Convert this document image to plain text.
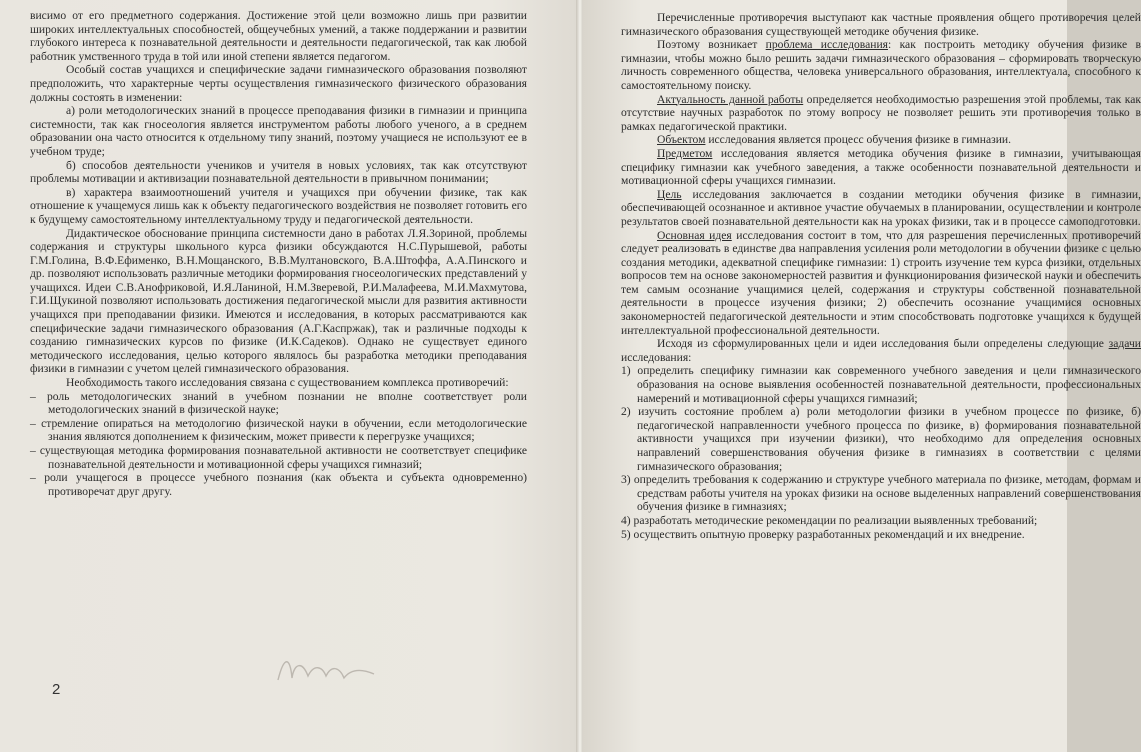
висимо от его предметного содержания. Достижение этой цели возможно лишь при развитии широких интеллектуальных способностей, общеучебных умений, а также поддержании и развитии глубокого интереса к познавательной деятельности и деятельности педагогической, так как любой работник умственного труда в той или иной степени является педагогом.

Особый состав учащихся и специфические задачи гимназического образования позволяют предположить, что характерные черты осуществления гимназического физического образования должны состоять в изменении:

а) роли методологических знаний в процессе преподавания физики в гимназии и принципа системности, так как гносеология является инструментом работы любого ученого, а в среднем образовании она часто относится к отдельному типу знаний, поэтому учащиеся не используют ее в учебном труде;

б) способов деятельности учеников и учителя в новых условиях, так как отсутствуют проблемы мотивации и активизации познавательной деятельности в привычном понимании;

в) характера взаимоотношений учителя и учащихся при обучении физике, так как отношение к учащемуся лишь как к объекту педагогического воздействия не позволяет готовить его к будущему самостоятельному интеллектуальному труду и педагогической деятельности.

Дидактическое обоснование принципа системности дано в работах Л.Я.Зориной, проблемы содержания и структуры школьного курса физики обсуждаются Н.С.Пурышевой, работы Г.М.Голина, В.Ф.Ефименко, В.Н.Мощанского, В.В.Мултановского, В.А.Штоффа, А.А.Пинского и др. позволяют использовать различные методики формирования гносеологических представлений у учащихся. Идеи С.В.Анофриковой, И.Я.Ланиной, Н.М.Зверевой, Р.И.Малафеева, М.И.Махмутова, Г.И.Щукиной позволяют использовать достижения педагогической мысли для развития активности учащихся при преподавании физики. Имеются и исследования, в которых рассматриваются как специфические задачи гимназического образования (А.Г.Каспржак), так и различные подходы к созданию гимназических курсов по физике (И.К.Садеков). Однако не существует единого методического исследования, целью которого являлось бы разработка методики преподавания физики в гимназии с учетом целей гимназического образования.

Необходимость такого исследования связана с существованием комплекса противоречий:

– роль методологических знаний в учебном познании не вполне соответствует роли методологических знаний в физической науке;

– стремление опираться на методологию физической науки в обучении, если методологические знания являются дополнением к физическим, может привести к перегрузке учащихся;

– существующая методика формирования познавательной активности не соответствует специфике познавательной деятельности и мотивационной сферы учащихся гимназий;

– роли учащегося в процессе учебного познания (как объекта и субъекта одновременно) противоречат друг другу.

2

Перечисленные противоречия выступают как частные проявления общего противоречия целей гимназического образования существующей методике обучения физике.

Поэтому возникает проблема исследования: как построить методику обучения физике в гимназии, чтобы можно было решить задачи гимназического образования – сформировать творческую личность современного общества, человека универсального образования, интеллектуала, способного к самостоятельному поиску.

Актуальность данной работы определяется необходимостью разрешения этой проблемы, так как отсутствие научных разработок по этому вопросу не позволяет решить эти противоречия только в рамках педагогической практики.

Объектом исследования является процесс обучения физике в гимназии.

Предметом исследования является методика обучения физике в гимназии, учитывающая специфику гимназии как учебного заведения, а также особенности познавательной деятельности и мотивационной сферы учащихся гимназии.

Цель исследования заключается в создании методики обучения физике в гимназии, обеспечивающей осознанное и активное участие обучаемых в планировании, осуществлении и контроле результатов своей познавательной деятельности как на уроках физики, так и в процессе самоподготовки.

Основная идея исследования состоит в том, что для разрешения перечисленных противоречий следует реализовать в единстве два направления усиления роли методологии в обучении физике с целью создания методики, адекватной специфике гимназии: 1) строить изучение тем курса физики, отдельных вопросов тем на основе закономерностей развития и функционирования физической науки и обеспечить тем самым осознание учащимися целей, содержания и структуры собственной познавательной деятельности в процессе изучения физики; 2) обеспечить осознание учащимися основных закономерностей педагогической деятельности и этим способствовать подготовке учащихся к будущей интеллектуальной профессиональной деятельности.

Исходя из сформулированных цели и идеи исследования были определены следующие задачи исследования:

1) определить специфику гимназии как современного учебного заведения и цели гимназического образования на основе выявления особенностей познавательной деятельности, профессиональных намерений и мотивационной сферы учащихся гимназий;

2) изучить состояние проблем а) роли методологии физики в учебном процессе по физике, б) педагогической направленности учебного процесса по физике, в) формирования познавательной активности учащихся при изучении физики), что необходимо для определения основных направлений совершенствования обучения физике в гимназиях в соответствии с целями гимназического образования;

3) определить требования к содержанию и структуре учебного материала по физике, методам, формам и средствам работы учителя на уроках физики на основе выделенных направлений совершенствования обучения физике в гимназиях;

4) разработать методические рекомендации по реализации выявленных требований;

5) осуществить опытную проверку разработанных рекомендаций и их внедрение.
